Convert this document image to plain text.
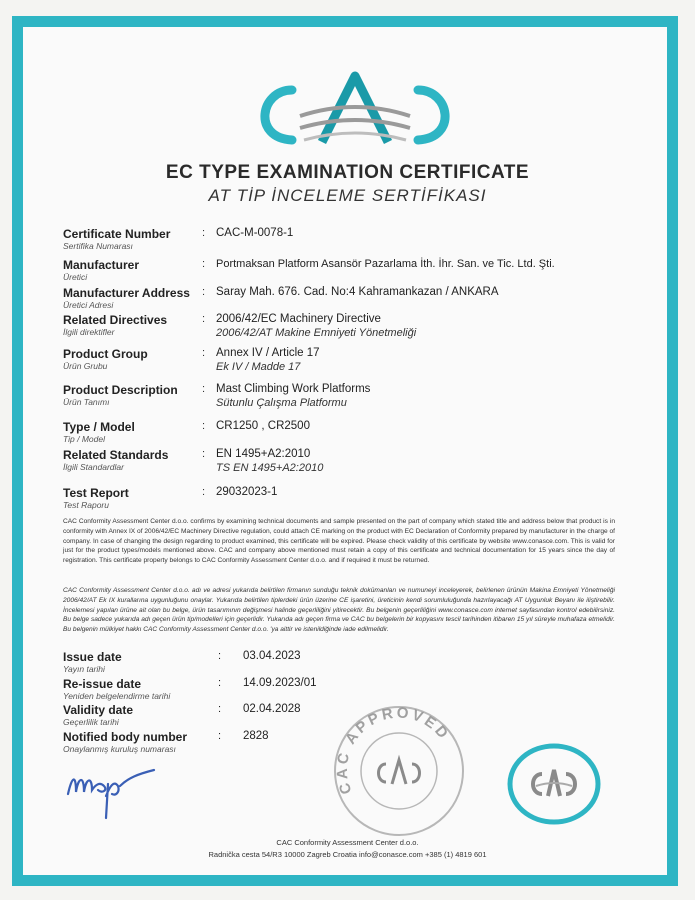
EC TYPE EXAMINATION CERTIFICATE
AT TİP İNCELEME SERTİFİKASI
Certificate Number
Sertifika Numarası
: CAC-M-0078-1
Manufacturer
Üretici
: Portmaksan Platform Asansör Pazarlama İth. İhr. San. ve Tic. Ltd. Şti.
Manufacturer Address
Üretici Adresi
: Saray Mah. 676. Cad. No:4 Kahramankazan / ANKARA
Related Directives
İlgili direktifler
: 2006/42/EC Machinery Directive
2006/42/AT Makine Emniyeti Yönetmeliği
Product Group
Ürün Grubu
: Annex IV / Article 17
Ek IV / Madde 17
Product Description
Ürün Tanımı
: Mast Climbing Work Platforms
Sütunlu Çalışma Platformu
Type / Model
Tip / Model
: CR1250 , CR2500
Related Standards
İlgili Standardlar
: EN 1495+A2:2010
TS EN 1495+A2:2010
Test Report
Test Raporu
: 29032023-1
CAC Conformity Assessment Center d.o.o. confirms by examining technical documents and sample presented on the part of company which stated title and address below that product is in conformity with Annex IX of 2006/42/EC Machinery Directive regulation, could attach CE marking on the product with EC Declaration of Conformity prepared by manufacturer in the charge of company. In case of changing the design regarding to product examined, this certificate will be expired. Please check validity of this certificate by website www.conasce.com. This is valid for just for the product types/models mentioned above. CAC and company above mentioned must retain a copy of this certificate and technical documentation for 15 years since the day of registration. This certificate property belongs to CAC Conformity Assessment Center d.o.o. and if required it must be returned.
CAC Conformity Assessment Center d.o.o. adı ve adresi yukarıda belirtilen firmanın sunduğu teknik dokümanları ve numuneyi inceleyerek, belirlenen ürünün Makina Emniyeti Yönetmeliği 2006/42/AT Ek IX kurallarına uygunluğunu onaylar. Yukarıda belirtilen tiplerdeki ürün üzerine CE işaretini, üreticinin kendi sorumluluğunda hazırlayacağı AT Uygunluk Beyanı ile iliştirebilir. İncelemesi yapılan ürüne ait olan bu belge, ürün tasarımının değişmesi halinde geçerliliğini yitirecektir. Bu belgenin geçerliliğini www.conasce.com internet sayfasından kontrol edebilirsiniz. Bu belge sadece yukarıda adı geçen ürün tip/modelleri için geçerlidir. Yukarıda adı geçen firma ve CAC bu belgelerin bir kopyasını tescil tarihinden itibaren 15 yıl süreyle muhafaza etmelidir. Bu belgenin mülkiyet hakkı CAC Conformity Assessment Center d.o.o. 'ya aittir ve istenildiğinde iade edilmelidir.
Issue date
Yayın tarihi
: 03.04.2023
Re-issue date
Yeniden belgelendirme tarihi
: 14.09.2023/01
Validity date
Geçerlilik tarihi
: 02.04.2028
Notified body number
Onaylanmış kuruluş numarası
: 2828
CAC APPROVED
CAC Conformity Assessment Center d.o.o.
Radnička cesta 54/R3 10000 Zagreb Croatia info@conasce.com +385 (1) 4819 601
